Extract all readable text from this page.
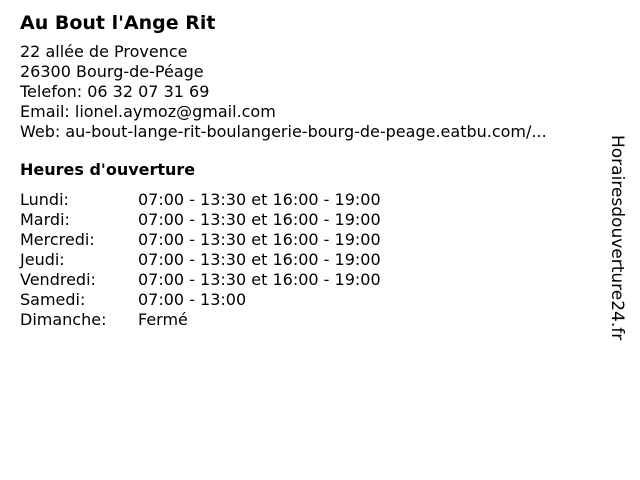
Au Bout l'Ange Rit
22 allée de Provence
26300 Bourg-de-Péage
Telefon: 06 32 07 31 69
Email: lionel.aymoz@gmail.com
Web: au-bout-lange-rit-boulangerie-bourg-de-peage.eatbu.com/...
Heures d'ouverture
Lundi:	07:00 - 13:30 et 16:00 - 19:00
Mardi:	07:00 - 13:30 et 16:00 - 19:00
Mercredi:	07:00 - 13:30 et 16:00 - 19:00
Jeudi:	07:00 - 13:30 et 16:00 - 19:00
Vendredi:	07:00 - 13:30 et 16:00 - 19:00
Samedi:	07:00 - 13:00
Dimanche:	Fermé	Horairesdouverture24.fr
